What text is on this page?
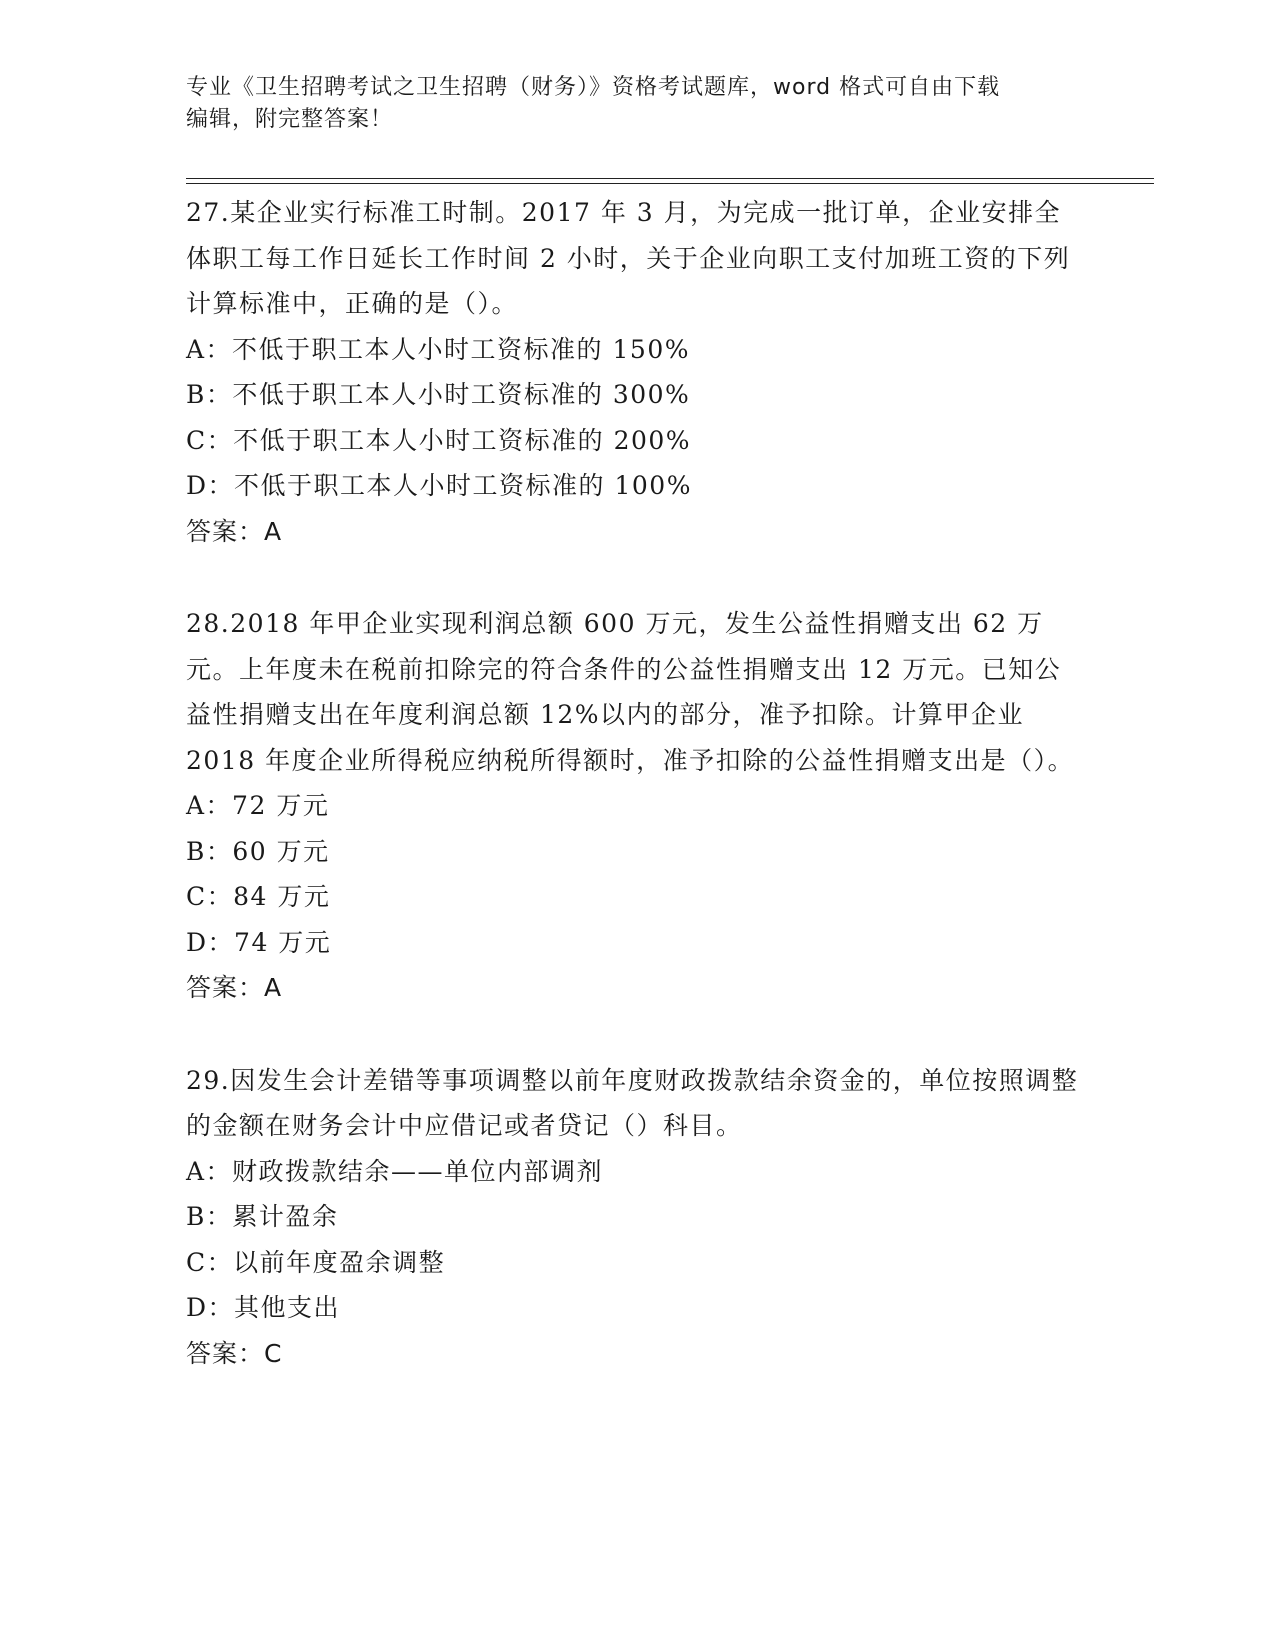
专业《卫生招聘考试之卫生招聘（财务）》资格考试题库，word 格式可自由下载
编辑，附完整答案！

27.某企业实行标准工时制。2017 年 3 月，为完成一批订单，企业安排全体职工每工作日延长工作时间 2 小时，关于企业向职工支付加班工资的下列计算标准中，正确的是（）。

A：不低于职工本人小时工资标准的 150%

B：不低于职工本人小时工资标准的 300%

C：不低于职工本人小时工资标准的 200%

D：不低于职工本人小时工资标准的 100%

答案：A

28.2018 年甲企业实现利润总额 600 万元，发生公益性捐赠支出 62 万元。上年度未在税前扣除完的符合条件的公益性捐赠支出 12 万元。已知公益性捐赠支出在年度利润总额 12%以内的部分，准予扣除。计算甲企业 2018 年度企业所得税应纳税所得额时，准予扣除的公益性捐赠支出是（）。

A：72 万元

B：60 万元

C：84 万元

D：74 万元

答案：A

29.因发生会计差错等事项调整以前年度财政拨款结余资金的，单位按照调整的金额在财务会计中应借记或者贷记（）科目。

A：财政拨款结余——单位内部调剂

B：累计盈余

C：以前年度盈余调整

D：其他支出

答案：C
